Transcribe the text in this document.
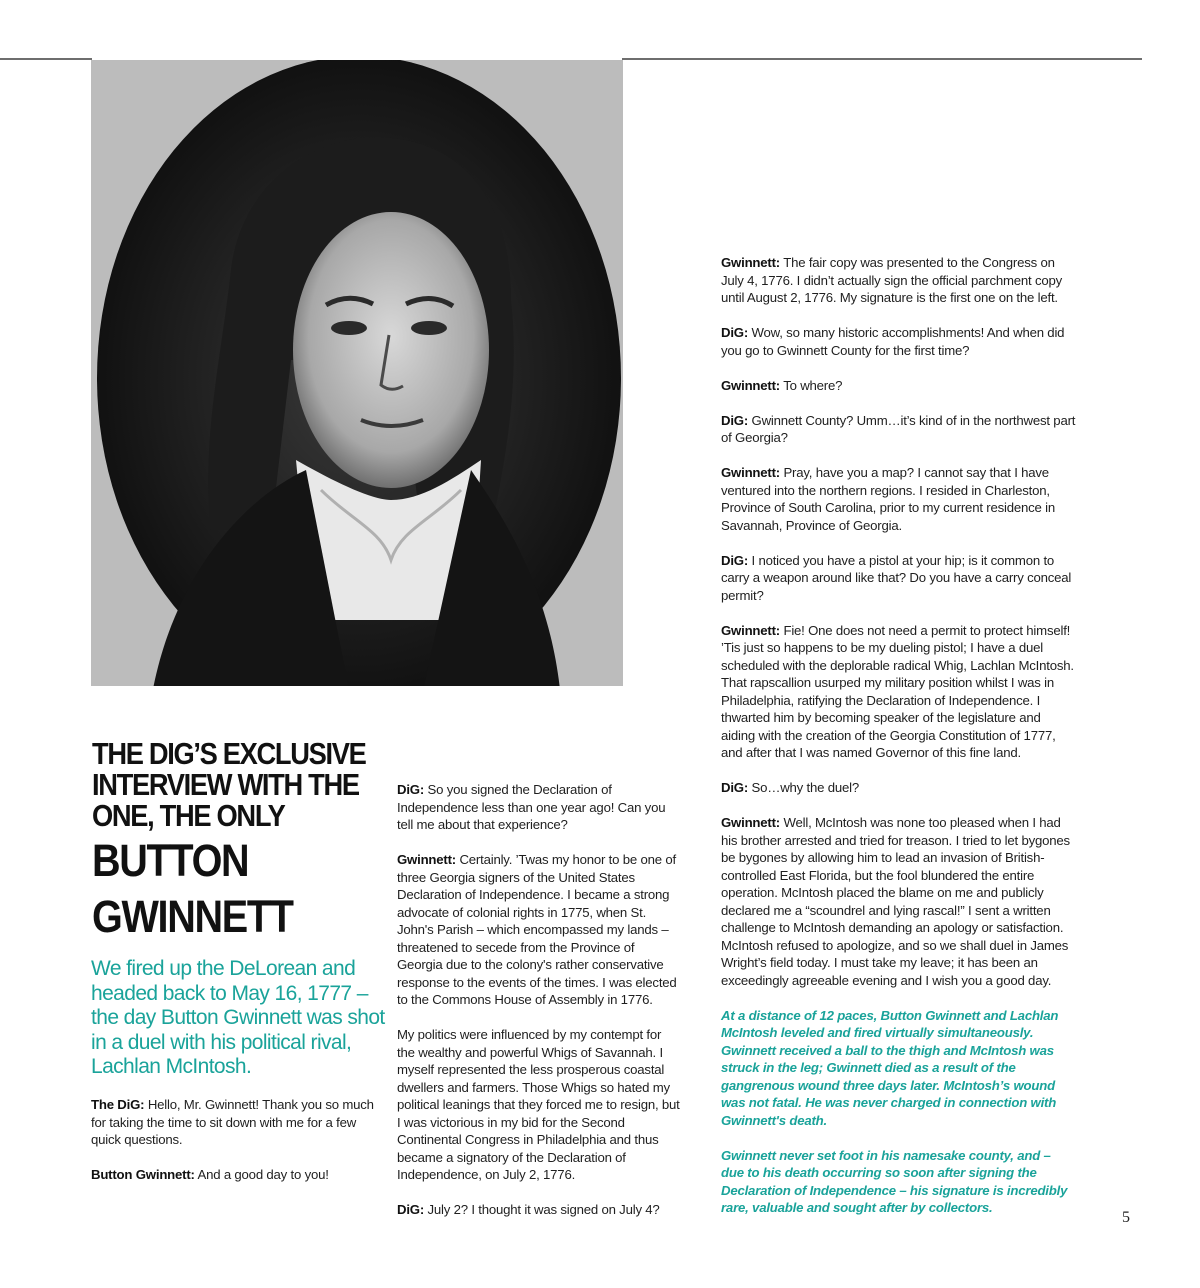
THE DIG’S EXCLUSIVE
INTERVIEW WITH THE
ONE, THE ONLY
BUTTON
GWINNETT
We fired up the DeLorean and headed back to May 16, 1777 – the day Button Gwinnett was shot in a duel with his political rival, Lachlan McIntosh.

The DiG: Hello, Mr. Gwinnett! Thank you so much for taking the time to sit down with me for a few quick questions.

Button Gwinnett: And a good day to you!

DiG: So you signed the Declaration of Independence less than one year ago! Can you tell me about that experience?

Gwinnett: Certainly. ’Twas my honor to be one of three Georgia signers of the United States Declaration of Independence. I became a strong advocate of colonial rights in 1775, when St. John's Parish – which encompassed my lands – threatened to secede from the Province of Georgia due to the colony's rather conservative response to the events of the times. I was elected to the Commons House of Assembly in 1776.

My politics were influenced by my contempt for the wealthy and powerful Whigs of Savannah. I myself represented the less prosperous coastal dwellers and farmers. Those Whigs so hated my political leanings that they forced me to resign, but I was victorious in my bid for the Second Continental Congress in Philadelphia and thus became a signatory of the Declaration of Independence, on July 2, 1776.

DiG: July 2? I thought it was signed on July 4?

Gwinnett: The fair copy was presented to the Congress on July 4, 1776. I didn’t actually sign the official parchment copy until August 2, 1776. My signature is the first one on the left.

DiG: Wow, so many historic accomplishments! And when did you go to Gwinnett County for the first time?

Gwinnett: To where?

DiG: Gwinnett County? Umm…it’s kind of in the northwest part of Georgia?

Gwinnett: Pray, have you a map? I cannot say that I have ventured into the northern regions. I resided in Charleston, Province of South Carolina, prior to my current residence in Savannah, Province of Georgia.

DiG: I noticed you have a pistol at your hip; is it common to carry a weapon around like that? Do you have a carry conceal permit?

Gwinnett: Fie! One does not need a permit to protect himself! ’Tis just so happens to be my dueling pistol; I have a duel scheduled with the deplorable radical Whig, Lachlan McIntosh. That rapscallion usurped my military position whilst I was in Philadelphia, ratifying the Declaration of Independence. I thwarted him by becoming speaker of the legislature and aiding with the creation of the Georgia Constitution of 1777, and after that I was named Governor of this fine land.

DiG: So…why the duel?

Gwinnett: Well, McIntosh was none too pleased when I had his brother arrested and tried for treason. I tried to let bygones be bygones by allowing him to lead an invasion of British-controlled East Florida, but the fool blundered the entire operation. McIntosh placed the blame on me and publicly declared me a “scoundrel and lying rascal!” I sent a written challenge to McIntosh demanding an apology or satisfaction. McIntosh refused to apologize, and so we shall duel in James Wright’s field today. I must take my leave; it has been an exceedingly agreeable evening and I wish you a good day.

At a distance of 12 paces, Button Gwinnett and Lachlan McIntosh leveled and fired virtually simultaneously. Gwinnett received a ball to the thigh and McIntosh was struck in the leg; Gwinnett died as a result of the gangrenous wound three days later. McIntosh’s wound was not fatal. He was never charged in connection with Gwinnett's death.

Gwinnett never set foot in his namesake county, and – due to his death occurring so soon after signing the Declaration of Independence – his signature is incredibly rare, valuable and sought after by collectors.

5
